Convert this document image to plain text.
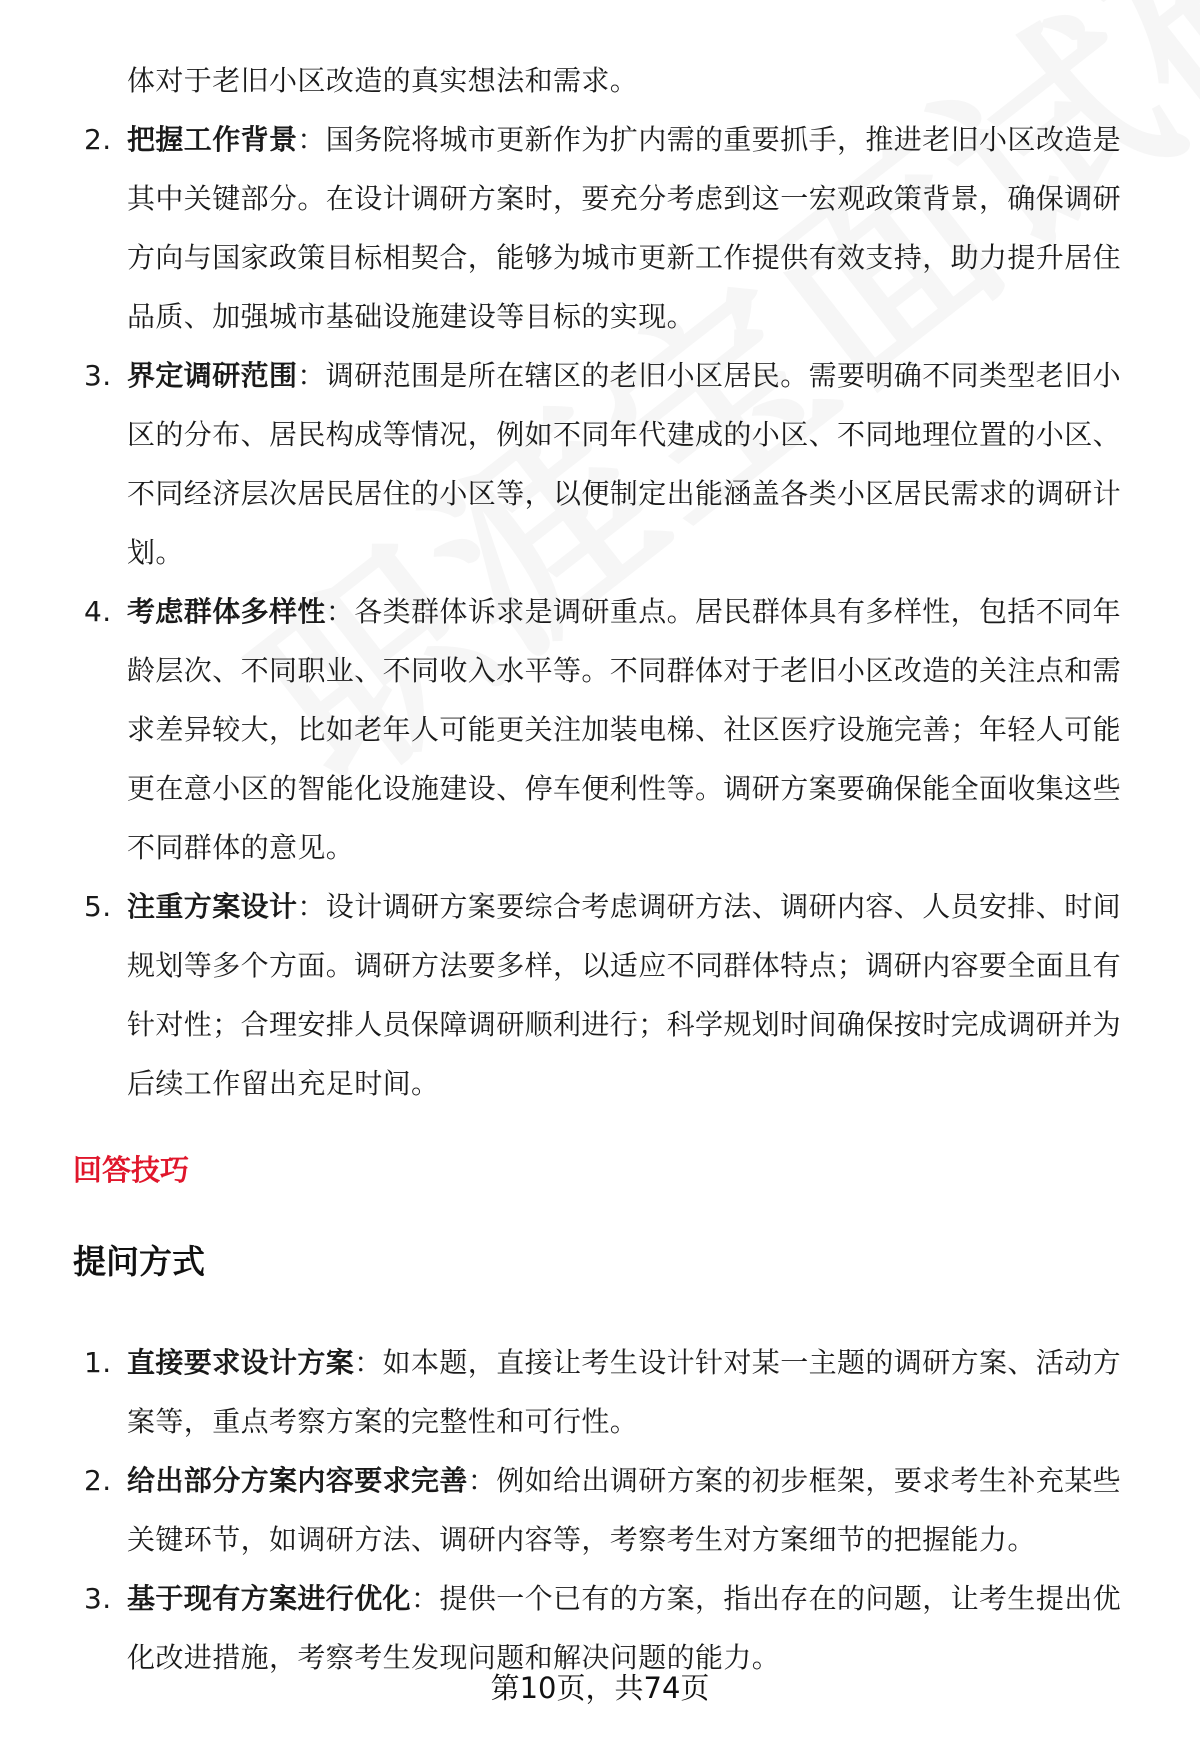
体对于老旧小区改造的真实想法和需求。
2. 把握工作背景：国务院将城市更新作为扩内需的重要抓手，推进老旧小区改造是其中关键部分。在设计调研方案时，要充分考虑到这一宏观政策背景，确保调研方向与国家政策目标相契合，能够为城市更新工作提供有效支持，助力提升居住品质、加强城市基础设施建设等目标的实现。
3. 界定调研范围：调研范围是所在辖区的老旧小区居民。需要明确不同类型老旧小区的分布、居民构成等情况，例如不同年代建成的小区、不同地理位置的小区、不同经济层次居民居住的小区等，以便制定出能涵盖各类小区居民需求的调研计划。
4. 考虑群体多样性：各类群体诉求是调研重点。居民群体具有多样性，包括不同年龄层次、不同职业、不同收入水平等。不同群体对于老旧小区改造的关注点和需求差异较大，比如老年人可能更关注加装电梯、社区医疗设施完善；年轻人可能更在意小区的智能化设施建设、停车便利性等。调研方案要确保能全面收集这些不同群体的意见。
5. 注重方案设计：设计调研方案要综合考虑调研方法、调研内容、人员安排、时间规划等多个方面。调研方法要多样，以适应不同群体特点；调研内容要全面且有针对性；合理安排人员保障调研顺利进行；科学规划时间确保按时完成调研并为后续工作留出充足时间。
回答技巧
提问方式
1. 直接要求设计方案：如本题，直接让考生设计针对某一主题的调研方案、活动方案等，重点考察方案的完整性和可行性。
2. 给出部分方案内容要求完善：例如给出调研方案的初步框架，要求考生补充某些关键环节，如调研方法、调研内容等，考察考生对方案细节的把握能力。
3. 基于现有方案进行优化：提供一个已有的方案，指出存在的问题，让考生提出优化改进措施，考察考生发现问题和解决问题的能力。
第10页，共74页
